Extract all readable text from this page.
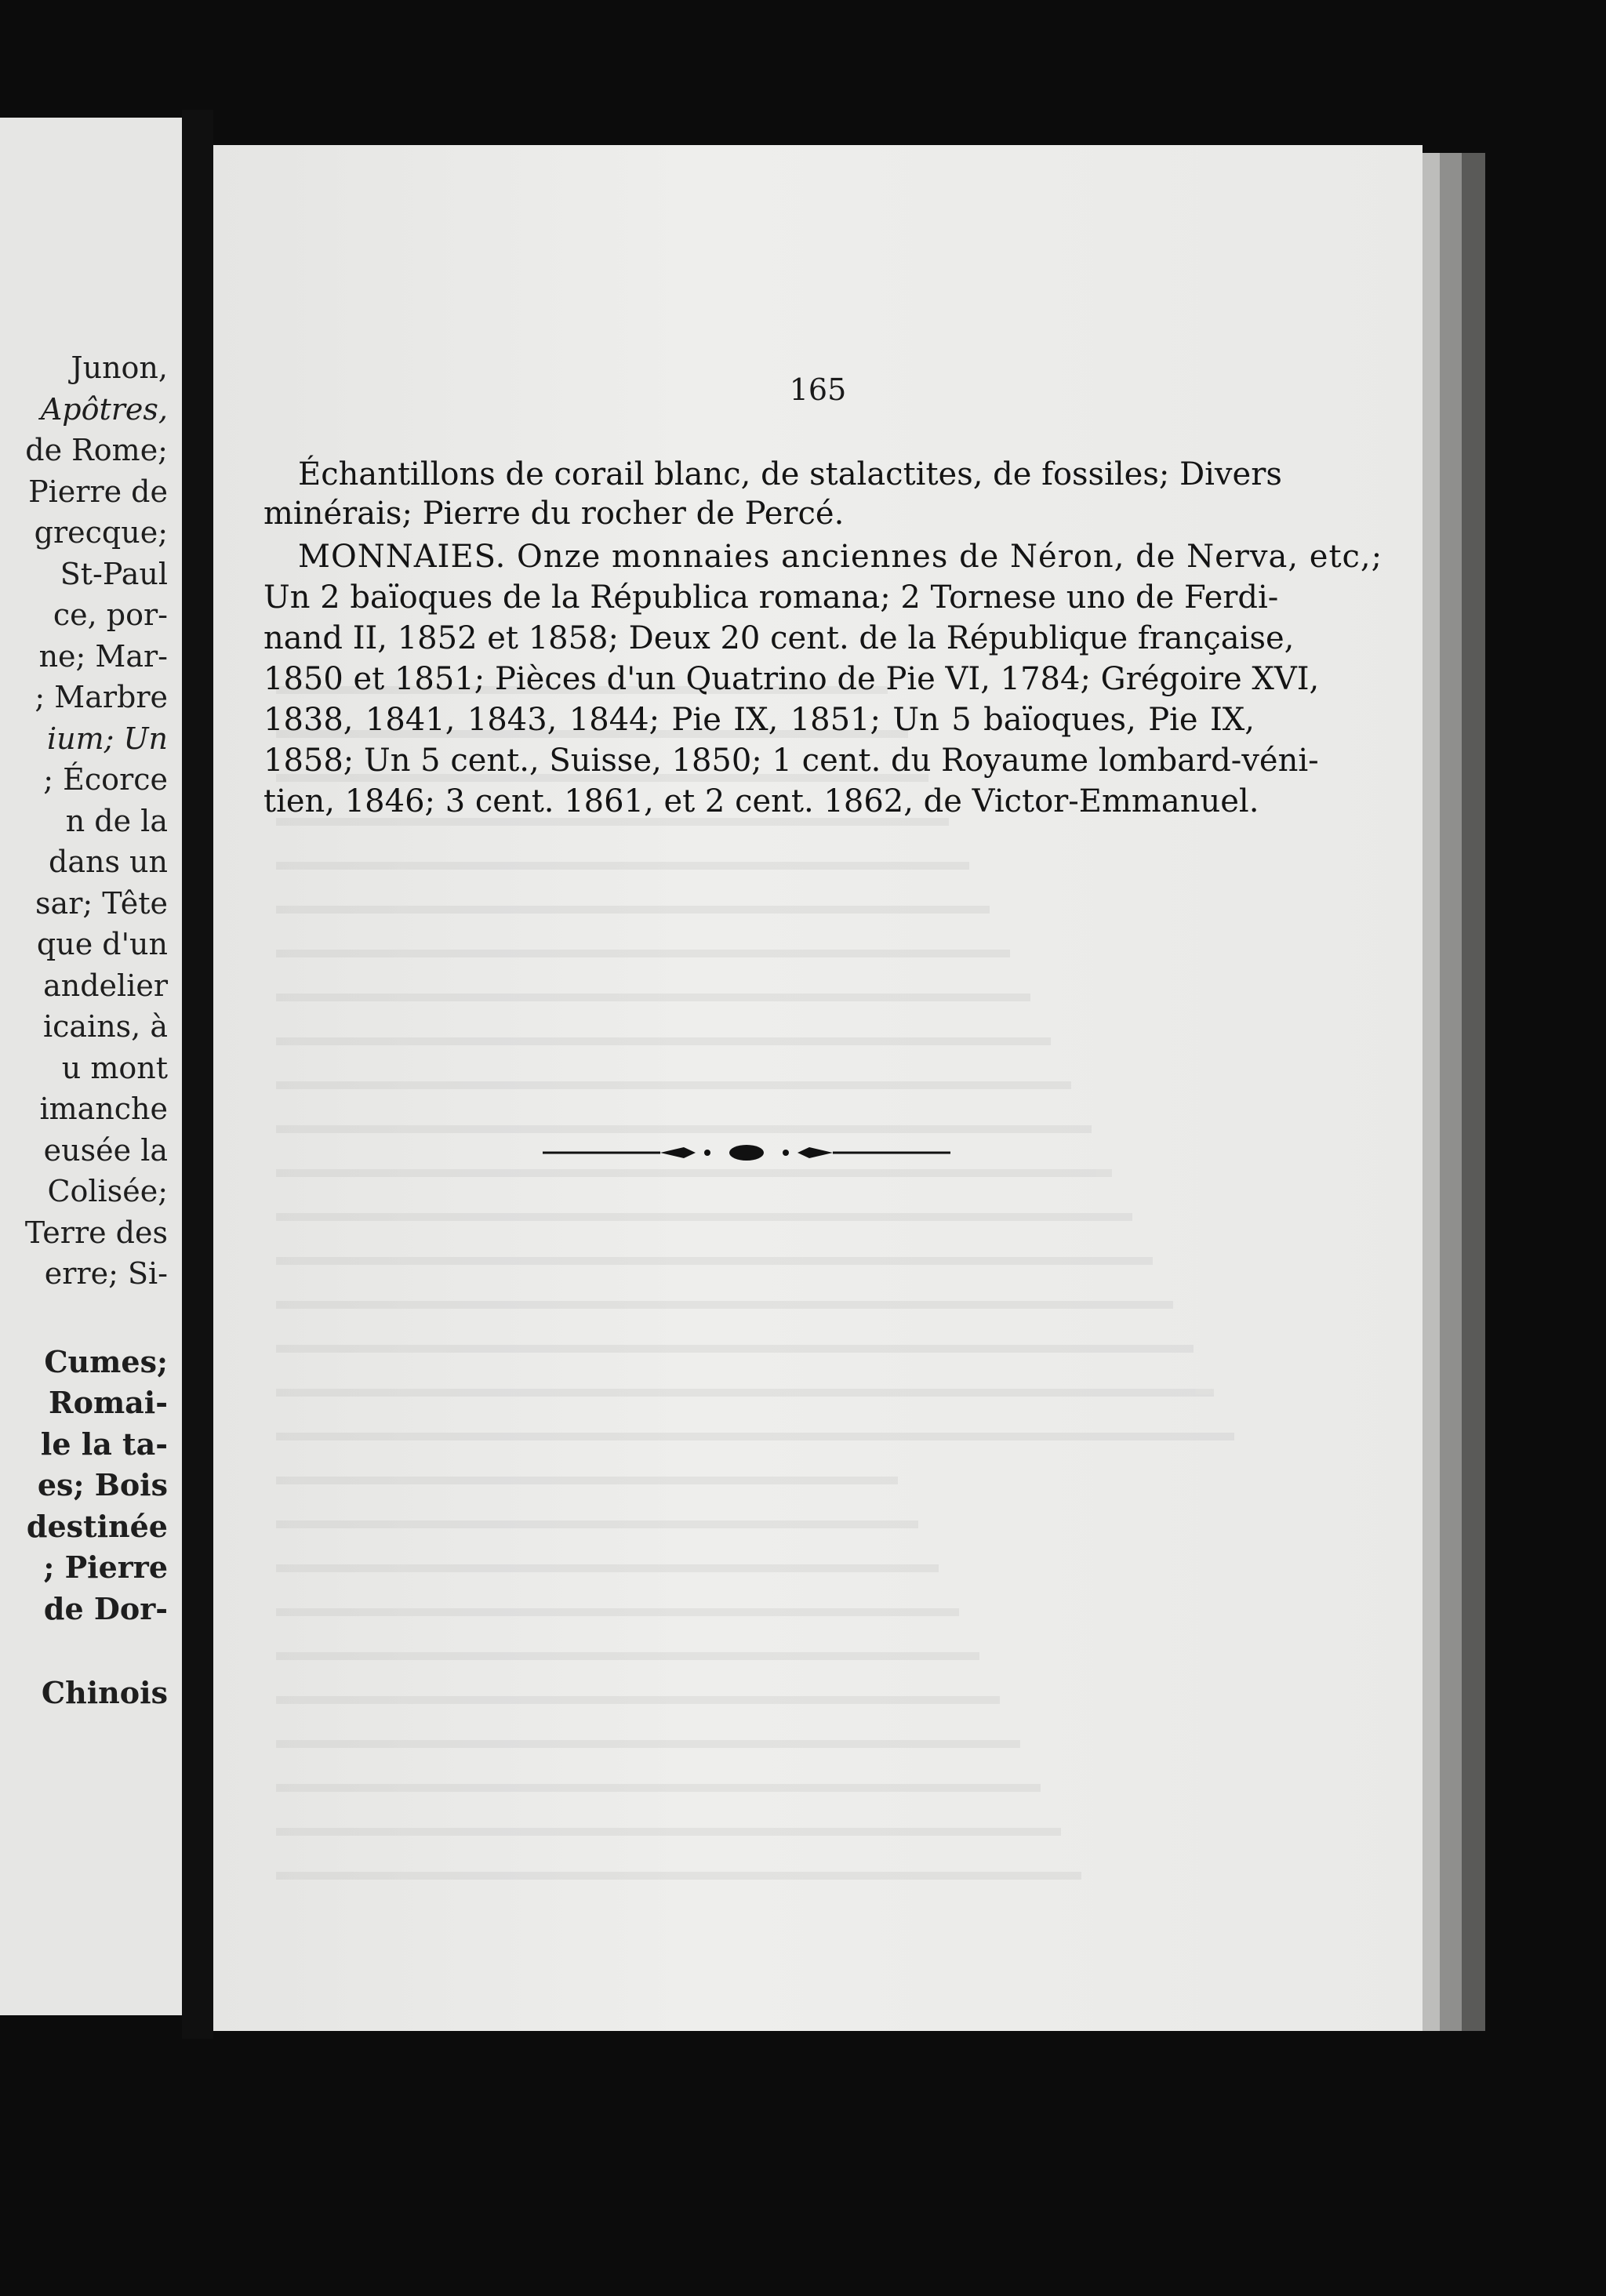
Junon,
Apôtres,
de Rome;
Pierre de
grecque;
St-Paul
ce, por-
ne; Mar-
; Marbre
ium; Un
; Écorce
n de la
dans un
sar; Tête
que d'un
andelier
icains, à
u mont
imanche
eusée la
Colisée;
Terre des
erre; Si-
Cumes;
Romai-
le la ta-
es; Bois
destinée
; Pierre
de Dor-
Chinois
165
Échantillons de corail blanc, de stalactites, de fossiles; Divers
minérais; Pierre du rocher de Percé.
MONNAIES. Onze monnaies anciennes de Néron, de Nerva, etc,;
Un 2 baïoques de la Républica romana; 2 Tornese uno de Ferdi-
nand II, 1852 et 1858; Deux 20 cent. de la République française,
1850 et 1851; Pièces d'un Quatrino de Pie VI, 1784; Grégoire XVI,
1838, 1841, 1843, 1844; Pie IX, 1851; Un 5 baïoques, Pie IX,
1858; Un 5 cent., Suisse, 1850; 1 cent. du Royaume lombard-véni-
tien, 1846; 3 cent. 1861, et 2 cent. 1862, de Victor-Emmanuel.
